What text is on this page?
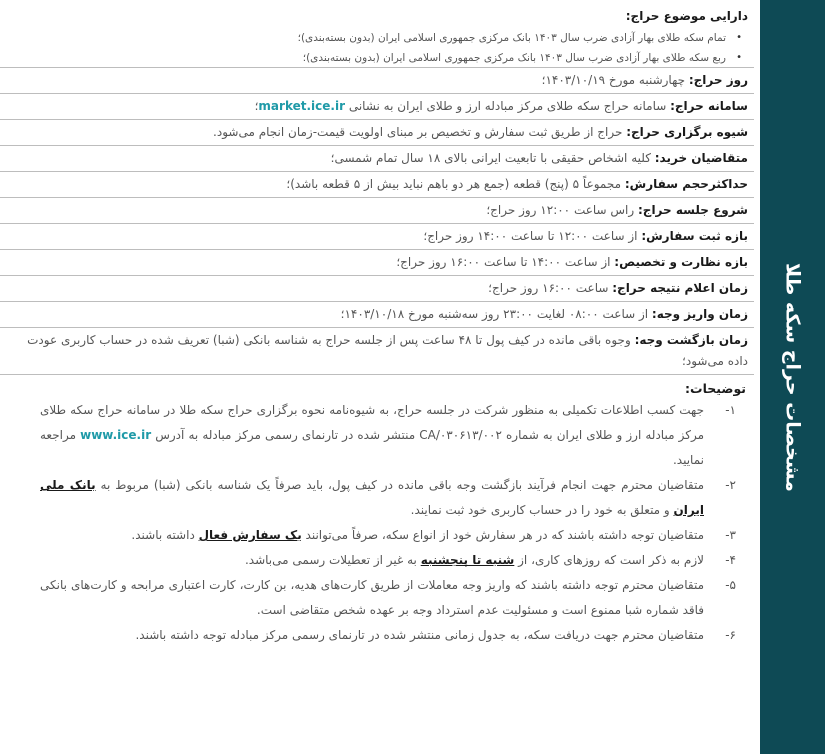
مشخصات حراج سکه طلا
دارایی موضوع حراج:
•
تمام سکه طلای بهار آزادی ضرب سال ۱۴۰۳ بانک مرکزی جمهوری اسلامی ایران (بدون بسته‌بندی)؛
•
ربع سکه طلای بهار آزادی ضرب سال ۱۴۰۳ بانک مرکزی جمهوری اسلامی ایران (بدون بسته‌بندی)؛
روز حراج: چهارشنبه مورخ ۱۴۰۳/۱۰/۱۹؛
سامانه حراج: سامانه حراج سکه طلای مرکز مبادله ارز و طلای ایران به نشانی market.ice.ir؛
شیوه برگزاری حراج: حراج از طریق ثبت سفارش و تخصیص بر مبنای اولویت قیمت-زمان انجام می‌شود.
متقاضیان خرید: کلیه اشخاص حقیقی با تابعیت ایرانی بالای ۱۸ سال تمام شمسی؛
حداکثرحجم سفارش: مجموعاً ۵ (پنج) قطعه (جمع هر دو باهم نباید بیش از ۵ قطعه باشد)؛
شروع جلسه حراج: راس ساعت ۱۲:۰۰ روز حراج؛
بازه ثبت سفارش: از ساعت ۱۲:۰۰ تا ساعت ۱۴:۰۰ روز حراج؛
بازه نظارت و تخصیص: از ساعت ۱۴:۰۰ تا ساعت ۱۶:۰۰ روز حراج؛
زمان اعلام نتیجه حراج: ساعت ۱۶:۰۰ روز حراج؛
زمان واریز وجه: از ساعت ۰۸:۰۰ لغایت ۲۳:۰۰ روز سه‌شنبه مورخ ۱۴۰۳/۱۰/۱۸؛
زمان بازگشت وجه: وجوه باقی مانده در کیف پول تا ۴۸ ساعت پس از جلسه حراج به شناسه بانکی (شبا) تعریف شده در حساب کاربری عودت داده می‌شود؛
توضیحات:
۱-
جهت کسب اطلاعات تکمیلی به منظور شرکت در جلسه حراج، به شیوه‌نامه نحوه برگزاری حراج سکه طلا در سامانه حراج سکه طلای مرکز مبادله ارز و طلای ایران به شماره CA/۰۳۰۶۱۳/۰۰۲ منتشر شده در تارنمای رسمی مرکز مبادله به آدرس www.ice.ir مراجعه نمایید.
۲-
متقاضیان محترم جهت انجام فرآیند بازگشت وجه باقی مانده در کیف پول، باید صرفاً یک شناسه بانکی (شبا) مربوط به بانک ملی ایران و متعلق به خود را در حساب کاربری خود ثبت نمایند.
۳-
متقاضیان توجه داشته باشند که در هر سفارش خود از انواع سکه، صرفاً می‌توانند یک سفارش فعال داشته باشند.
۴-
لازم به ذکر است که روزهای کاری، از شنبه تا پنجشنبه به غیر از تعطیلات رسمی می‌باشد.
۵-
متقاضیان محترم توجه داشته باشند که واریز وجه معاملات از طریق کارت‌های هدیه، بن کارت، کارت اعتباری مرابحه و کارت‌های بانکی فاقد شماره شبا ممنوع است و مسئولیت عدم استرداد وجه بر عهده شخص متقاضی است.
۶-
متقاضیان محترم جهت دریافت سکه، به جدول زمانی منتشر شده در تارنمای رسمی مرکز مبادله توجه داشته باشند.
